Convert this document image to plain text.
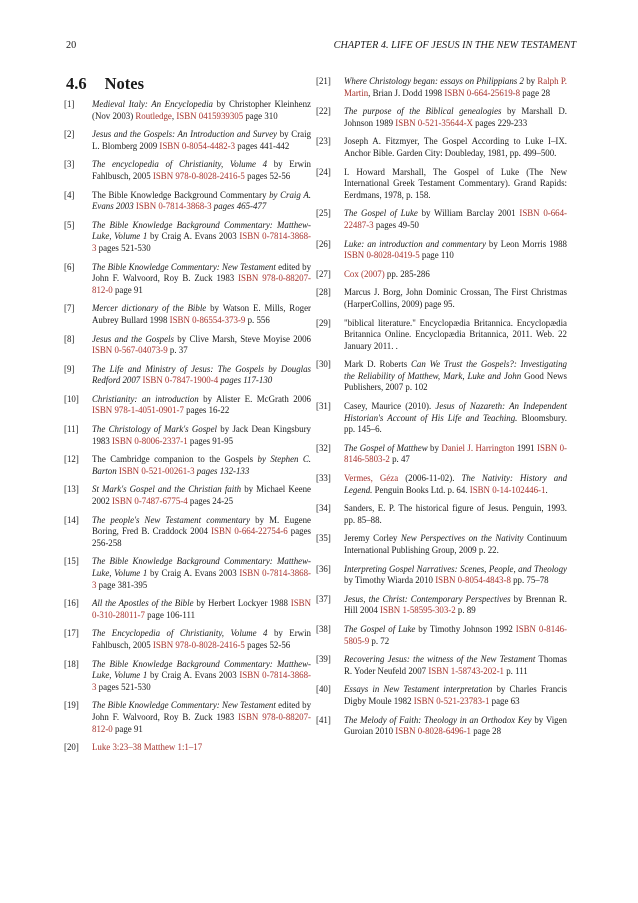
20	CHAPTER 4. LIFE OF JESUS IN THE NEW TESTAMENT
4.6 Notes
[1] Medieval Italy: An Encyclopedia by Christopher Kleinhenz (Nov 2003) Routledge, ISBN 0415939305 page 310
[2] Jesus and the Gospels: An Introduction and Survey by Craig L. Blomberg 2009 ISBN 0-8054-4482-3 pages 441-442
[3] The encyclopedia of Christianity, Volume 4 by Erwin Fahlbusch, 2005 ISBN 978-0-8028-2416-5 pages 52-56
[4] The Bible Knowledge Background Commentary by Craig A. Evans 2003 ISBN 0-7814-3868-3 pages 465-477
[5] The Bible Knowledge Background Commentary: Matthew-Luke, Volume 1 by Craig A. Evans 2003 ISBN 0-7814-3868-3 pages 521-530
[6] The Bible Knowledge Commentary: New Testament edited by John F. Walvoord, Roy B. Zuck 1983 ISBN 978-0-88207-812-0 page 91
[7] Mercer dictionary of the Bible by Watson E. Mills, Roger Aubrey Bullard 1998 ISBN 0-86554-373-9 p. 556
[8] Jesus and the Gospels by Clive Marsh, Steve Moyise 2006 ISBN 0-567-04073-9 p. 37
[9] The Life and Ministry of Jesus: The Gospels by Douglas Redford 2007 ISBN 0-7847-1900-4 pages 117-130
[10] Christianity: an introduction by Alister E. McGrath 2006 ISBN 978-1-4051-0901-7 pages 16-22
[11] The Christology of Mark's Gospel by Jack Dean Kingsbury 1983 ISBN 0-8006-2337-1 pages 91-95
[12] The Cambridge companion to the Gospels by Stephen C. Barton ISBN 0-521-00261-3 pages 132-133
[13] St Mark's Gospel and the Christian faith by Michael Keene 2002 ISBN 0-7487-6775-4 pages 24-25
[14] The people's New Testament commentary by M. Eugene Boring, Fred B. Craddock 2004 ISBN 0-664-22754-6 pages 256-258
[15] The Bible Knowledge Background Commentary: Matthew-Luke, Volume 1 by Craig A. Evans 2003 ISBN 0-7814-3868-3 page 381-395
[16] All the Apostles of the Bible by Herbert Lockyer 1988 ISBN 0-310-28011-7 page 106-111
[17] The Encyclopedia of Christianity, Volume 4 by Erwin Fahlbusch, 2005 ISBN 978-0-8028-2416-5 pages 52-56
[18] The Bible Knowledge Background Commentary: Matthew-Luke, Volume 1 by Craig A. Evans 2003 ISBN 0-7814-3868-3 pages 521-530
[19] The Bible Knowledge Commentary: New Testament edited by John F. Walvoord, Roy B. Zuck 1983 ISBN 978-0-88207-812-0 page 91
[20] Luke 3:23–38 Matthew 1:1–17
[21] Where Christology began: essays on Philippians 2 by Ralph P. Martin, Brian J. Dodd 1998 ISBN 0-664-25619-8 page 28
[22] The purpose of the Biblical genealogies by Marshall D. Johnson 1989 ISBN 0-521-35644-X pages 229-233
[23] Joseph A. Fitzmyer, The Gospel According to Luke I–IX. Anchor Bible. Garden City: Doubleday, 1981, pp. 499–500.
[24] I. Howard Marshall, The Gospel of Luke (The New International Greek Testament Commentary). Grand Rapids: Eerdmans, 1978, p. 158.
[25] The Gospel of Luke by William Barclay 2001 ISBN 0-664-22487-3 pages 49-50
[26] Luke: an introduction and commentary by Leon Morris 1988 ISBN 0-8028-0419-5 page 110
[27] Cox (2007) pp. 285-286
[28] Marcus J. Borg, John Dominic Crossan, The First Christmas (HarperCollins, 2009) page 95.
[29] "biblical literature." Encyclopædia Britannica. Encyclopædia Britannica Online. Encyclopædia Britannica, 2011. Web. 22 January 2011. .
[30] Mark D. Roberts Can We Trust the Gospels?: Investigating the Reliability of Matthew, Mark, Luke and John Good News Publishers, 2007 p. 102
[31] Casey, Maurice (2010). Jesus of Nazareth: An Independent Historian's Account of His Life and Teaching. Bloomsbury. pp. 145–6.
[32] The Gospel of Matthew by Daniel J. Harrington 1991 ISBN 0-8146-5803-2 p. 47
[33] Vermes, Géza (2006-11-02). The Nativity: History and Legend. Penguin Books Ltd. p. 64. ISBN 0-14-102446-1.
[34] Sanders, E. P. The historical figure of Jesus. Penguin, 1993. pp. 85–88.
[35] Jeremy Corley New Perspectives on the Nativity Continuum International Publishing Group, 2009 p. 22.
[36] Interpreting Gospel Narratives: Scenes, People, and Theology by Timothy Wiarda 2010 ISBN 0-8054-4843-8 pp. 75–78
[37] Jesus, the Christ: Contemporary Perspectives by Brennan R. Hill 2004 ISBN 1-58595-303-2 p. 89
[38] The Gospel of Luke by Timothy Johnson 1992 ISBN 0-8146-5805-9 p. 72
[39] Recovering Jesus: the witness of the New Testament Thomas R. Yoder Neufeld 2007 ISBN 1-58743-202-1 p. 111
[40] Essays in New Testament interpretation by Charles Francis Digby Moule 1982 ISBN 0-521-23783-1 page 63
[41] The Melody of Faith: Theology in an Orthodox Key by Vigen Guroian 2010 ISBN 0-8028-6496-1 page 28
